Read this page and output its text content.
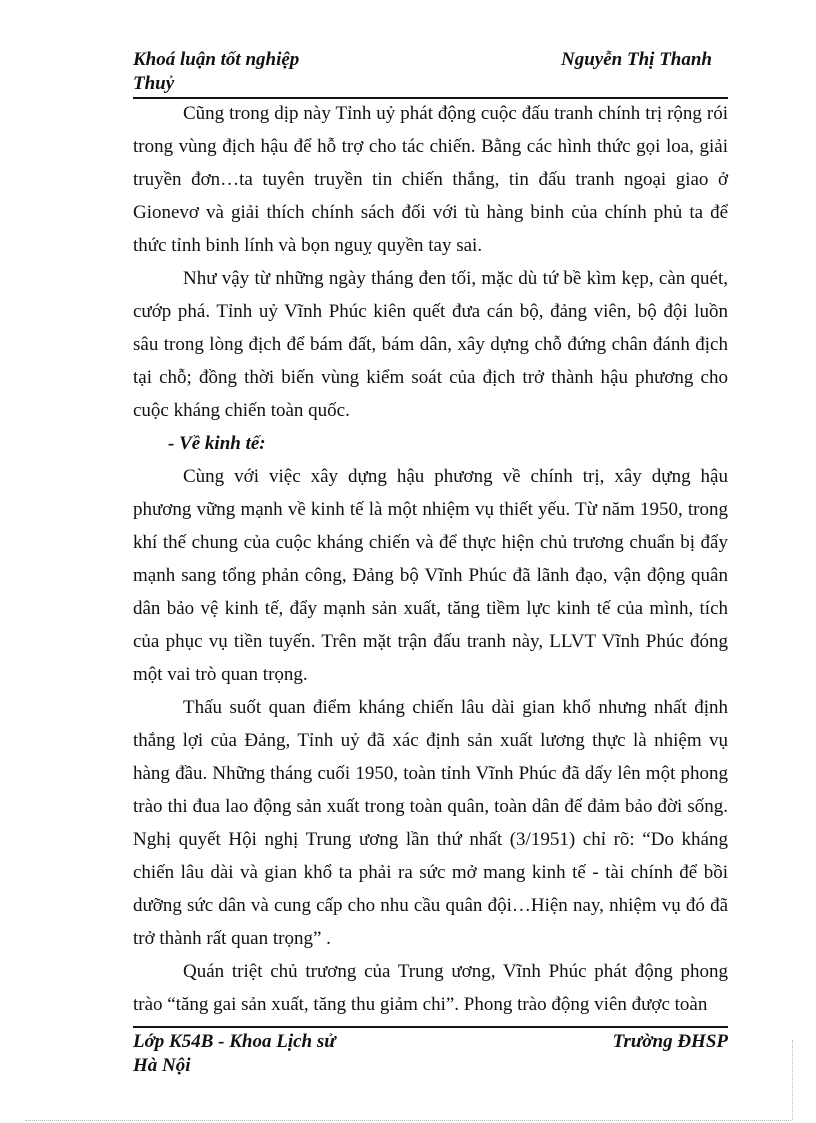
Khoá luận tốt nghiệp	Nguyễn Thị Thanh
Thuỷ

Cũng trong dịp này Tỉnh uỷ phát động cuộc đấu tranh chính trị rộng rói trong vùng địch hậu để hỗ trợ cho tác chiến. Bằng các hình thức gọi loa, giải truyền đơn…ta tuyên truyền tin chiến thắng, tin đấu tranh ngoại giao ở Gionevơ và giải thích chính sách đối với tù hàng binh của chính phủ ta để thức tỉnh binh lính và bọn nguỵ quyền tay sai.

Như vậy từ những ngày tháng đen tối, mặc dù tứ bề kìm kẹp, càn quét, cướp phá. Tỉnh uỷ Vĩnh Phúc kiên quết đưa cán bộ, đảng viên, bộ đội luồn sâu trong lòng địch để bám đất, bám dân, xây dựng chỗ đứng chân đánh địch tại chỗ; đồng thời biến vùng kiểm soát của địch trở thành hậu phương cho cuộc kháng chiến toàn quốc.

- Về kinh tế:

Cùng với việc xây dựng hậu phương về chính trị, xây dựng hậu phương vững mạnh về kinh tế là một nhiệm vụ thiết yếu. Từ năm 1950, trong khí thế chung của cuộc kháng chiến và để thực hiện chủ trương chuẩn bị đẩy mạnh sang tổng phản công, Đảng bộ Vĩnh Phúc đã lãnh đạo, vận động quân dân bảo vệ kinh tế, đẩy mạnh sản xuất, tăng tiềm lực kinh tế của mình, tích của phục vụ tiền tuyến. Trên mặt trận đấu tranh này, LLVT Vĩnh Phúc đóng một vai trò quan trọng.

Thấu suốt quan điểm kháng chiến lâu dài gian khổ nhưng nhất định thắng lợi của Đảng, Tỉnh uỷ đã xác định sản xuất lương thực là nhiệm vụ hàng đầu. Những tháng cuối 1950, toàn tỉnh Vĩnh Phúc đã dấy lên một phong trào thi đua lao động sản xuất trong toàn quân, toàn dân để đảm bảo đời sống. Nghị quyết Hội nghị Trung ương lần thứ nhất (3/1951) chỉ rõ: “Do kháng chiến lâu dài và gian khổ ta phải ra sức mở mang kinh tế - tài chính để bồi dưỡng sức dân và cung cấp cho nhu cầu quân đội…Hiện nay, nhiệm vụ đó đã trở thành rất quan trọng” .

Quán triệt chủ trương của Trung ương, Vĩnh Phúc phát động phong trào “tăng gai sản xuất, tăng thu giảm chi”. Phong trào động viên được toàn

Lớp K54B - Khoa Lịch sử	Trường ĐHSP
Hà Nội
